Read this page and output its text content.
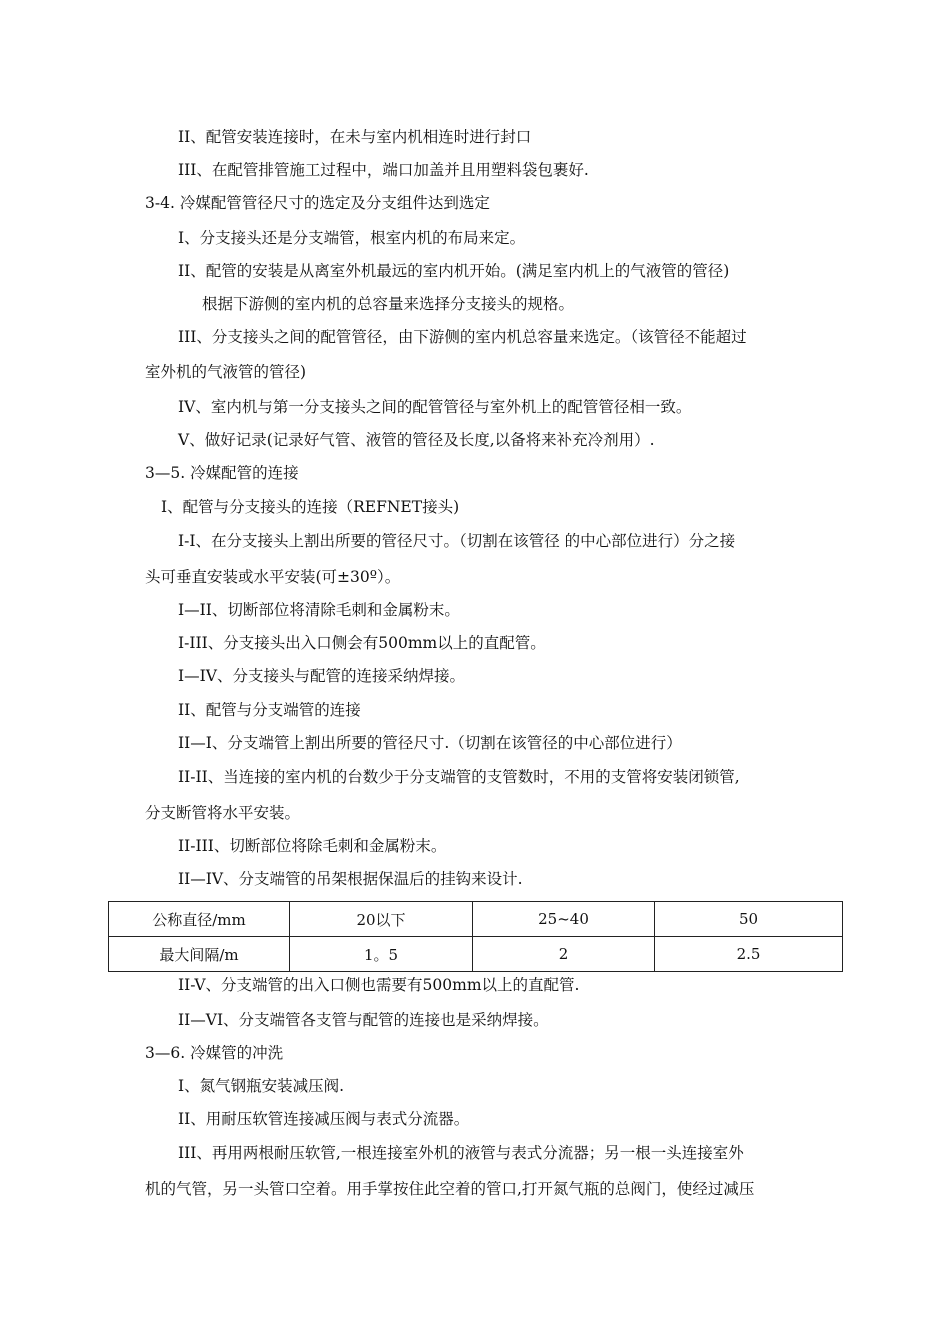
II、配管安装连接时，在未与室内机相连时进行封口
III、在配管排管施工过程中，端口加盖并且用塑料袋包裹好.
3-4. 冷媒配管管径尺寸的选定及分支组件达到选定
I、分支接头还是分支端管，根室内机的布局来定。
II、配管的安装是从离室外机最远的室内机开始。(满足室内机上的气液管的管径)
根据下游侧的室内机的总容量来选择分支接头的规格。
III、分支接头之间的配管管径，由下游侧的室内机总容量来选定。（该管径不能超过
室外机的气液管的管径)
IV、室内机与第一分支接头之间的配管管径与室外机上的配管管径相一致。
V、做好记录(记录好气管、液管的管径及长度,以备将来补充冷剂用）.
3—5. 冷媒配管的连接
I、配管与分支接头的连接（REFNET接头)
I-I、在分支接头上割出所要的管径尺寸。（切割在该管径 的中心部位进行）分之接
头可垂直安装或水平安装(可±30º）。
I—II、切断部位将清除毛刺和金属粉末。
I-III、分支接头出入口侧会有500mm以上的直配管。
I—IV、分支接头与配管的连接采纳焊接。
II、配管与分支端管的连接
II—I、分支端管上割出所要的管径尺寸.（切割在该管径的中心部位进行）
II-II、当连接的室内机的台数少于分支端管的支管数时，不用的支管将安装闭锁管,
分支断管将水平安装。
II-III、切断部位将除毛刺和金属粉末。
II—IV、分支端管的吊架根据保温后的挂钩来设计.
公称直径/mm	20以下	25~40	50
最大间隔/m	1。5	2	2.5
II-V、分支端管的出入口侧也需要有500mm以上的直配管.
II—VI、分支端管各支管与配管的连接也是采纳焊接。
3—6. 冷媒管的冲洗
I、氮气钢瓶安装减压阀.
II、用耐压软管连接减压阀与表式分流器。
III、再用两根耐压软管,一根连接室外机的液管与表式分流器；另一根一头连接室外
机的气管，另一头管口空着。用手掌按住此空着的管口,打开氮气瓶的总阀门，使经过减压
